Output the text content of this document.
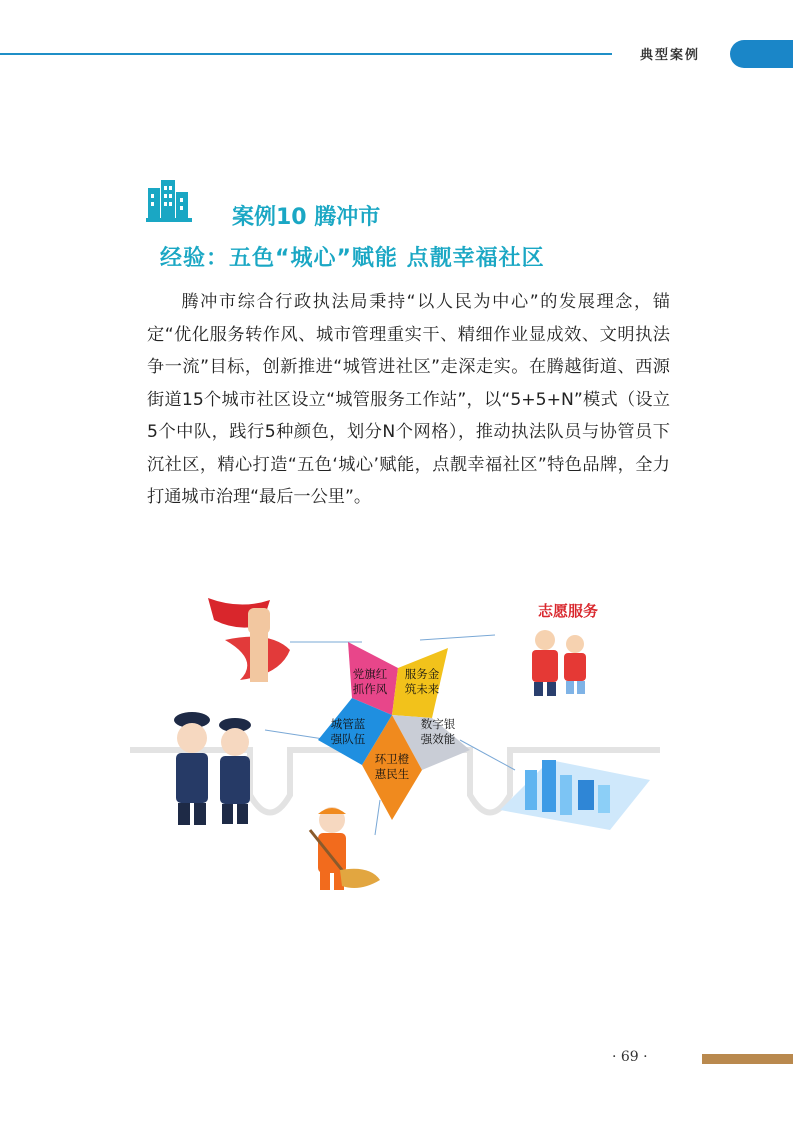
典型案例
案例10 腾冲市
经验：五色“城心”赋能 点靓幸福社区
腾冲市综合行政执法局秉持“以人民为中心”的发展理念，锚定“优化服务转作风、城市管理重实干、精细作业显成效、文明执法争一流”目标，创新推进“城管进社区”走深走实。在腾越街道、西源街道15个城市社区设立“城管服务工作站”，以“5+5+N”模式（设立5个中队，践行5种颜色，划分N个网格），推动执法队员与协管员下沉社区，精心打造“五色‘城心’赋能，点靓幸福社区”特色品牌，全力打通城市治理“最后一公里”。
党旗红
抓作风
服务金
筑未来
数字银
强效能
环卫橙
惠民生
城管蓝
强队伍
志愿服务
· 69 ·
